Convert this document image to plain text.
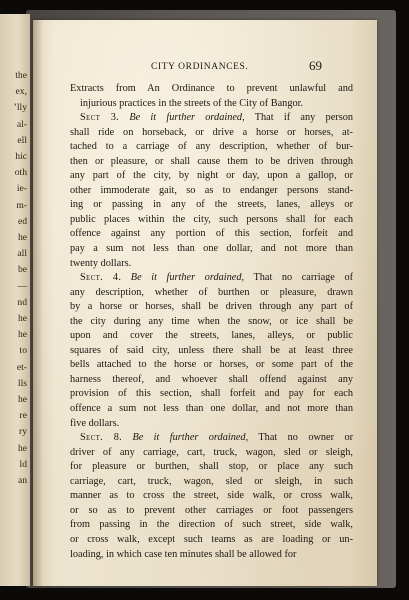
the
ex,
’lly
al-
ell
hic
oth
ie-
m-
ed
he
all
be
—
nd
he
he
to
et-
lls
he
re
ry
he
ld
an
CITY ORDINANCES.	69
Extracts from An Ordinance to prevent unlawful and
injurious practices in the streets of the City of Bangor.
Sect 3. Be it further ordained, That if any person
shall ride on horseback, or drive a horse or horses, at-
tached to a carriage of any description, whether of bur-
then or pleasure, or shall cause them to be driven through
any part of the city, by night or day, upon a gallop, or
other immoderate gait, so as to endanger persons stand-
ing or passing in any of the streets, lanes, alleys or
public places within the city, such persons shall for each
offence against any portion of this section, forfeit and
pay a sum not less than one dollar, and not more than
twenty dollars.
Sect. 4. Be it further ordained, That no carriage of
any description, whether of burthen or pleasure, drawn
by a horse or horses, shall be driven through any part of
the city during any time when the snow, or ice shall be
upon and cover the streets, lanes, alleys, or public
squares of said city, unless there shall be at least three
bells attached to the horse or horses, or some part of the
harness thereof, and whoever shall offend against any
provision of this section, shall forfeit and pay for each
offence a sum not less than one dollar, and not more than
five dollars.
Sect. 8. Be it further ordained, That no owner or
driver of any carriage, cart, truck, wagon, sled or sleigh,
for pleasure or burthen, shall stop, or place any such
carriage, cart, truck, wagon, sled or sleigh, in such
manner as to cross the street, side walk, or cross walk,
or so as to prevent other carriages or foot passengers
from passing in the direction of such street, side walk,
or cross walk, except such teams as are loading or un-
loading, in which case ten minutes shall be allowed for
